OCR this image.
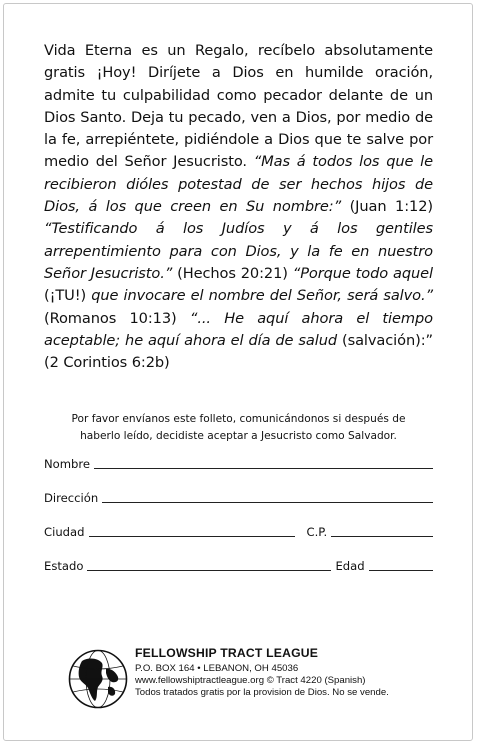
Vida Eterna es un Regalo, recíbelo absolutamente gratis ¡Hoy! Diríjete a Dios en humilde oración, admite tu culpabilidad como pecador delante de un Dios Santo. Deja tu pecado, ven a Dios, por medio de la fe, arrepiéntete, pidiéndole a Dios que te salve por medio del Señor Jesucristo. “Mas á todos los que le recibieron dióles potestad de ser hechos hijos de Dios, á los que creen en Su nombre:” (Juan 1:12) “Testificando á los Judíos y á los gentiles arrepentimiento para con Dios, y la fe en nuestro Señor Jesucristo.” (Hechos 20:21) “Porque todo aquel (¡TU!) que invocare el nombre del Señor, será salvo.” (Romanos 10:13) “... He aquí ahora el tiempo aceptable; he aquí ahora el día de salud (salvación):” (2 Corintios 6:2b)
Por favor envíanos este folleto, comunicándonos si después de
haberlo leído, decidiste aceptar a Jesucristo como Salvador.
Nombre
Dirección
Ciudad	C.P.
Estado	Edad
FELLOWSHIP TRACT LEAGUE
P.O. BOX 164 • LEBANON, OH 45036
www.fellowshiptractleague.org © Tract 4220 (Spanish)
Todos tratados gratis por la provision de Dios. No se vende.
